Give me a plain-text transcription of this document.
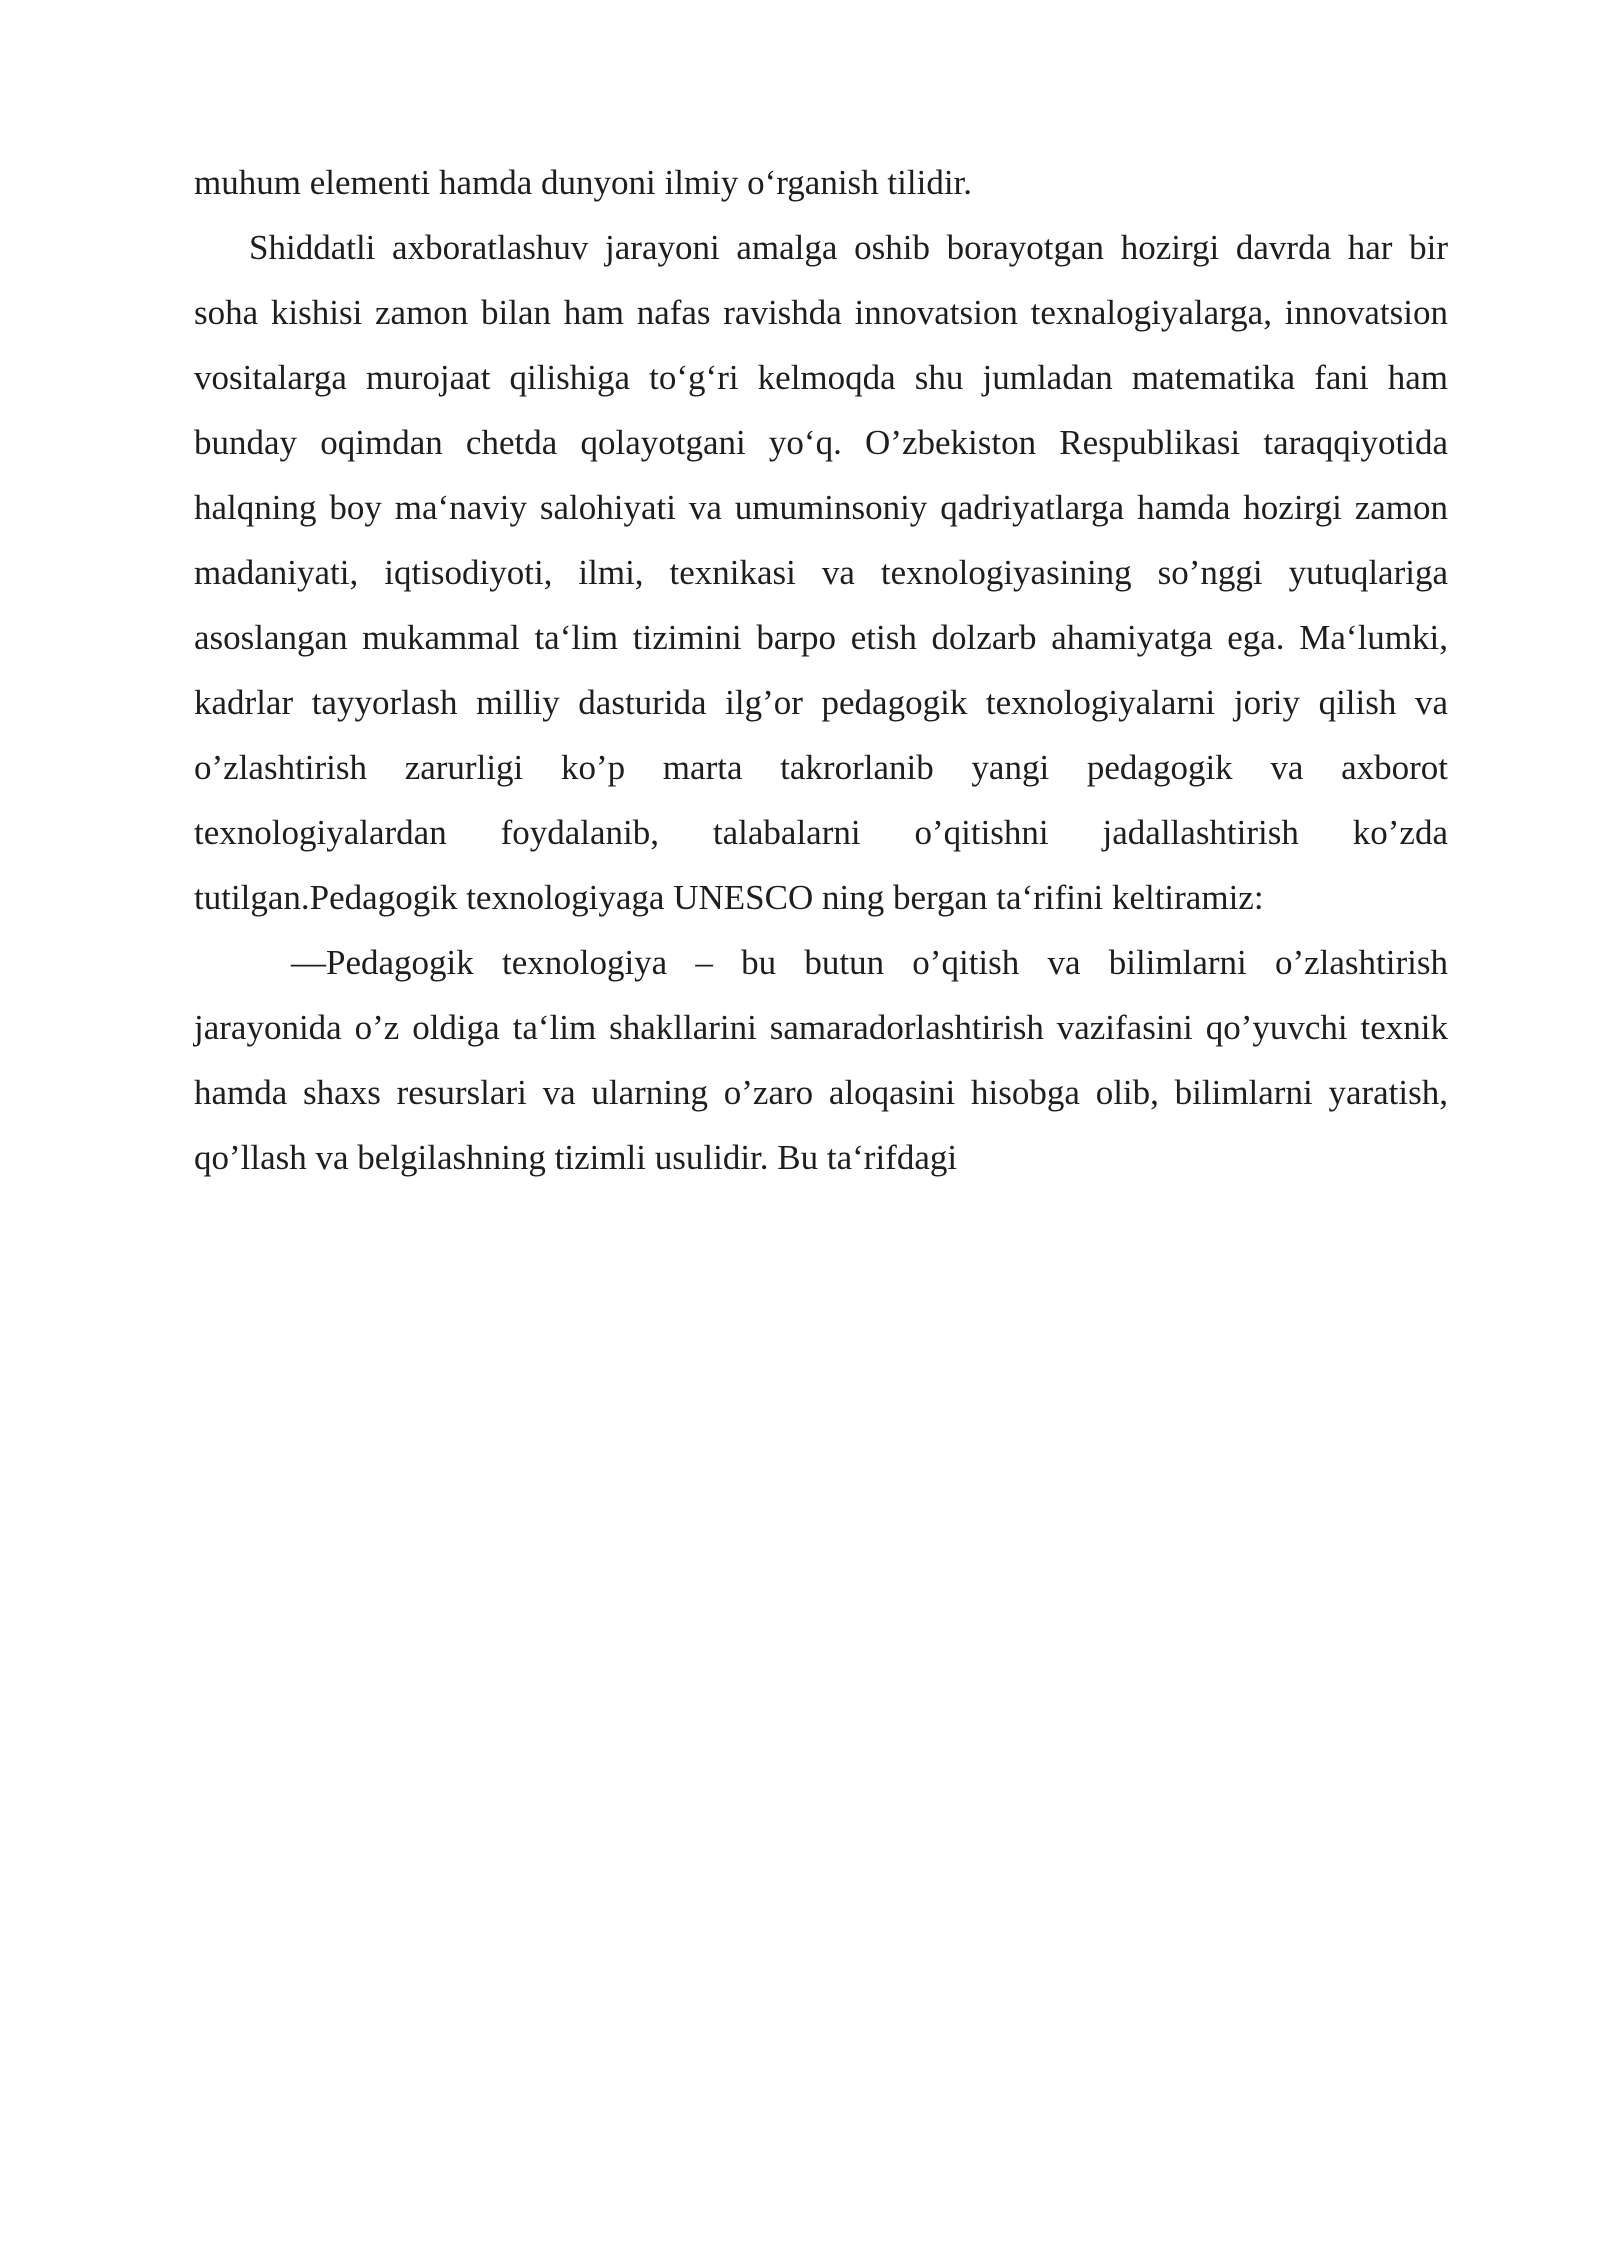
muhum elementi hamda dunyoni ilmiy o‘rganish tilidir.

Shiddatli axboratlashuv jarayoni amalga oshib borayotgan hozirgi davrda har bir soha kishisi zamon bilan ham nafas ravishda innovatsion texnalogiyalarga, innovatsion vositalarga murojaat qilishiga to‘g‘ri kelmoqda shu jumladan matematika fani ham bunday oqimdan chetda qolayotgani yo‘q. O’zbekiston Respublikasi taraqqiyotida halqning boy ma‘naviy salohiyati va umuminsoniy qadriyatlarga hamda hozirgi zamon madaniyati, iqtisodiyoti, ilmi, texnikasi va texnologiyasining so’nggi yutuqlariga asoslangan mukammal ta‘lim tizimini barpo etish dolzarb ahamiyatga ega. Ma‘lumki, kadrlar tayyorlash milliy dasturida ilg’or pedagogik texnologiyalarni joriy qilish va o’zlashtirish zarurligi ko’p marta takrorlanib yangi pedagogik va axborot texnologiyalardan foydalanib, talabalarni o’qitishni jadallashtirish ko’zda tutilgan.Pedagogik texnologiyaga UNESCO ning bergan ta‘rifini keltiramiz:

―Pedagogik texnologiya – bu butun o’qitish va bilimlarni o’zlashtirish jarayonida o’z oldiga ta‘lim shakllarini samaradorlashtirish vazifasini qo’yuvchi texnik hamda shaxs resurslari va ularning o’zaro aloqasini hisobga olib, bilimlarni yaratish, qo’llash va belgilashning tizimli usulidir. Bu ta‘rifdagi
